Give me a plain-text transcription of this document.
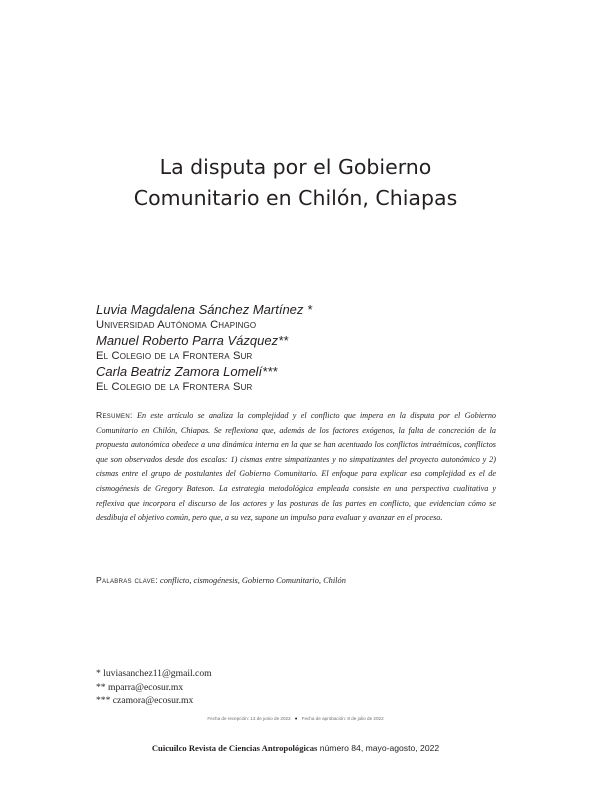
La disputa por el Gobierno
Comunitario en Chilón, Chiapas
Luvia Magdalena Sánchez Martínez *
Universidad Autónoma Chapingo
Manuel Roberto Parra Vázquez**
El Colegio de la Frontera Sur
Carla Beatriz Zamora Lomelí***
El Colegio de la Frontera Sur
Resumen: En este artículo se analiza la complejidad y el conflicto que impera en la disputa por el Gobierno Comunitario en Chilón, Chiapas. Se reflexiona que, además de los factores exógenos, la falta de concreción de la propuesta autonómica obedece a una dinámica interna en la que se han acentuado los conflictos intraétnicos, conflictos que son observados desde dos escalas: 1) cismas entre simpatizantes y no simpatizantes del proyecto autonómico y 2) cismas entre el grupo de postulantes del Gobierno Comunitario. El enfoque para explicar esa complejidad es el de cismogénesis de Gregory Bateson. La estrategia metodológica empleada consiste en una perspectiva cualitativa y reflexiva que incorpora el discurso de los actores y las posturas de las partes en conflicto, que evidencian cómo se desdibuja el objetivo común, pero que, a su vez, supone un impulso para evaluar y avanzar en el proceso.
Palabras clave: conflicto, cismogénesis, Gobierno Comunitario, Chilón
* luviasanchez11@gmail.com
** mparra@ecosur.mx
*** czamora@ecosur.mx
Fecha de recepción: 13 de junio de 2022 • Fecha de aprobación: 8 de julio de 2022
Cuicuilco Revista de Ciencias Antropológicas número 84, mayo-agosto, 2022
